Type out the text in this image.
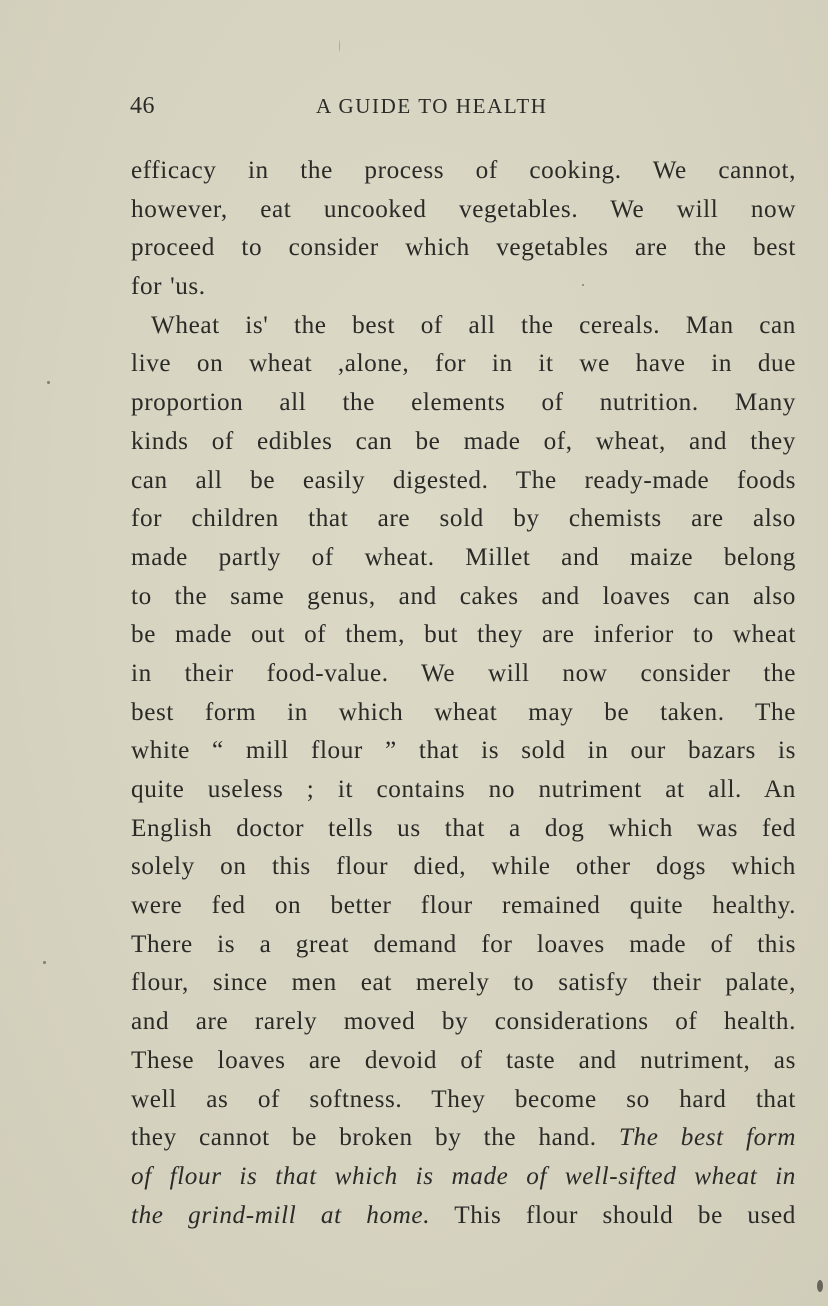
46	A GUIDE TO HEALTH
efficacy in the process of cooking. We cannot,
however, eat uncooked vegetables. We will now
proceed to consider which vegetables are the best
for 'us.
Wheat is' the best of all the cereals. Man can
live on wheat ,alone, for in it we have in due
proportion all the elements of nutrition. Many
kinds of edibles can be made of, wheat, and they
can all be easily digested. The ready-made foods
for children that are sold by chemists are also
made partly of wheat. Millet and maize belong
to the same genus, and cakes and loaves can also
be made out of them, but they are inferior to wheat
in their food-value. We will now consider the
best form in which wheat may be taken. The
white “ mill flour ” that is sold in our bazars is
quite useless ; it contains no nutriment at all. An
English doctor tells us that a dog which was fed
solely on this flour died, while other dogs which
were fed on better flour remained quite healthy.
There is a great demand for loaves made of this
flour, since men eat merely to satisfy their palate,
and are rarely moved by considerations of health.
These loaves are devoid of taste and nutriment, as
well as of softness. They become so hard that
they cannot be broken by the hand. The best form
of flour is that which is made of well-sifted wheat in
the grind-mill at home. This flour should be used
